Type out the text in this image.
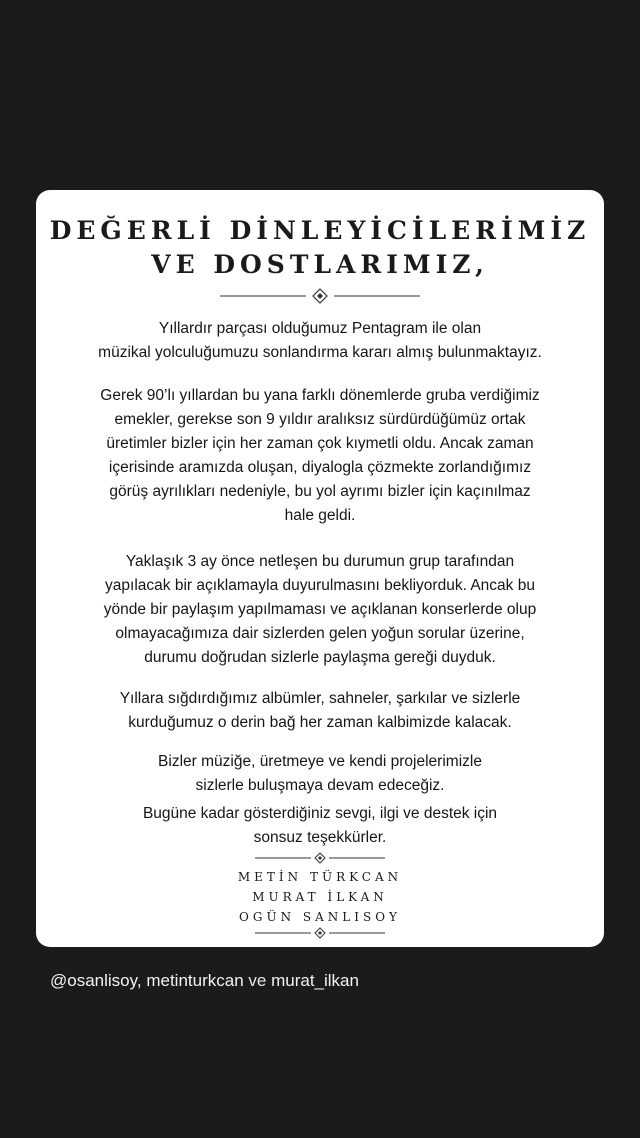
DEĞERLİ DİNLEYİCİLERİMİZ
VE DOSTLARIMIZ,
Yıllardır parçası olduğumuz Pentagram ile olan
müzikal yolculuğumuzu sonlandırma kararı almış bulunmaktayız.
Gerek 90’lı yıllardan bu yana farklı dönemlerde gruba verdiğimiz
emekler, gerekse son 9 yıldır aralıksız sürdürdüğümüz ortak
üretimler bizler için her zaman çok kıymetli oldu. Ancak zaman
içerisinde aramızda oluşan, diyalogla çözmekte zorlandığımız
görüş ayrılıkları nedeniyle, bu yol ayrımı bizler için kaçınılmaz
hale geldi.
Yaklaşık 3 ay önce netleşen bu durumun grup tarafından
yapılacak bir açıklamayla duyurulmasını bekliyorduk. Ancak bu
yönde bir paylaşım yapılmaması ve açıklanan konserlerde olup
olmayacağımıza dair sizlerden gelen yoğun sorular üzerine,
durumu doğrudan sizlerle paylaşma gereği duyduk.
Yıllara sığdırdığımız albümler, sahneler, şarkılar ve sizlerle
kurduğumuz o derin bağ her zaman kalbimizde kalacak.
Bizler müziğe, üretmeye ve kendi projelerimizle
sizlerle buluşmaya devam edeceğiz.
Bugüne kadar gösterdiğiniz sevgi, ilgi ve destek için
sonsuz teşekkürler.
METİN TÜRKCAN
MURAT İLKAN
OGÜN SANLISOY
@osanlisoy, metinturkcan ve murat_ilkan
